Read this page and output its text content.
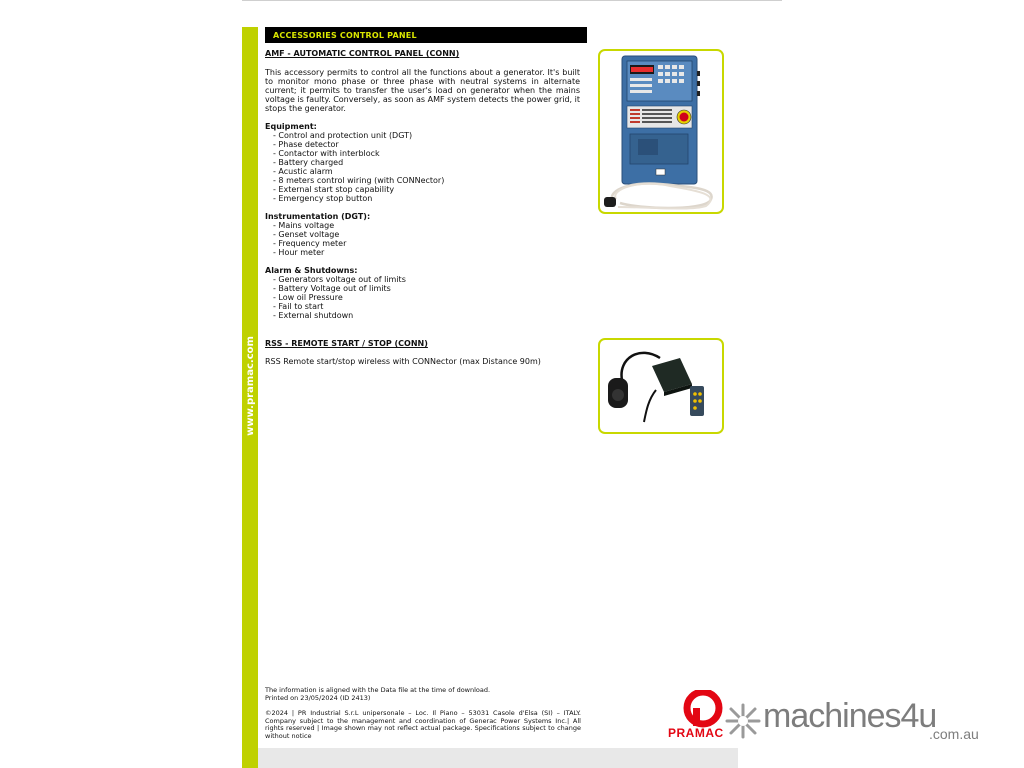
www.pramac.com
ACCESSORIES CONTROL PANEL

AMF - AUTOMATIC CONTROL PANEL (CONN)

This accessory permits to control all the functions about a generator. It's built to monitor mono phase or three phase with neutral systems in alternate current; it permits to transfer the user's load on generator when the mains voltage is faulty. Conversely, as soon as AMF system detects the power grid, it stops the generator.

Equipment:

- Control and protection unit (DGT)
- Phase detector
- Contactor with interblock
- Battery charged
- Acustic alarm
- 8 meters control wiring (with CONNector)
- External start stop capability
- Emergency stop button

Instrumentation (DGT):

- Mains voltage
- Genset voltage
- Frequency meter
- Hour meter

Alarm & Shutdowns:

- Generators voltage out of limits
- Battery Voltage out of limits
- Low oil Pressure
- Fail to start
- External shutdown

RSS - REMOTE START / STOP (CONN)

RSS Remote start/stop wireless with CONNector (max Distance 90m)

The information is aligned with the Data file at the time of download.
Printed on 23/05/2024 (ID 2413)
©2024 | PR Industrial S.r.L unipersonale – Loc. Il Piano – 53031 Casole d'Elsa (SI) – ITALY. Company subject to the management and coordination of Generac Power Systems Inc.| All rights reserved | Image shown may not reflect actual package. Specifications subject to change without notice	PRAMAC machines4u
.com.au
